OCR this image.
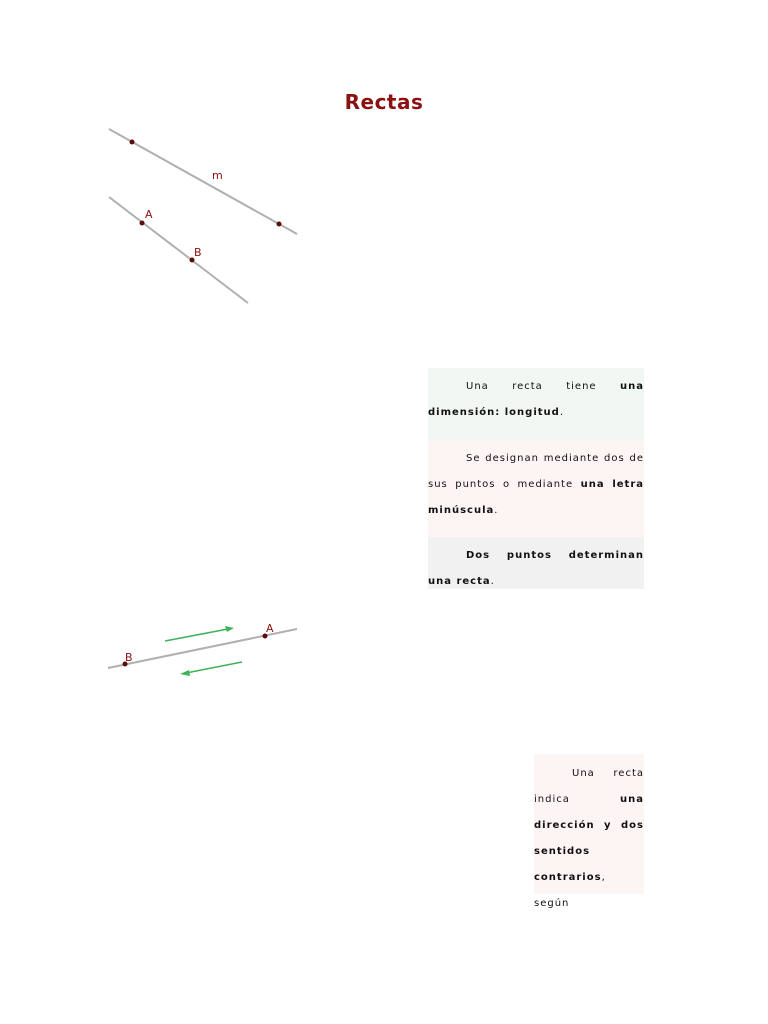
Rectas
m
A
B
B
A

Una recta tiene una dimensión: longitud.

Se designan mediante dos de sus puntos o mediante una letra minúscula.

Dos puntos determinan una recta.

Una recta indica una dirección y dos sentidos contrarios, según
